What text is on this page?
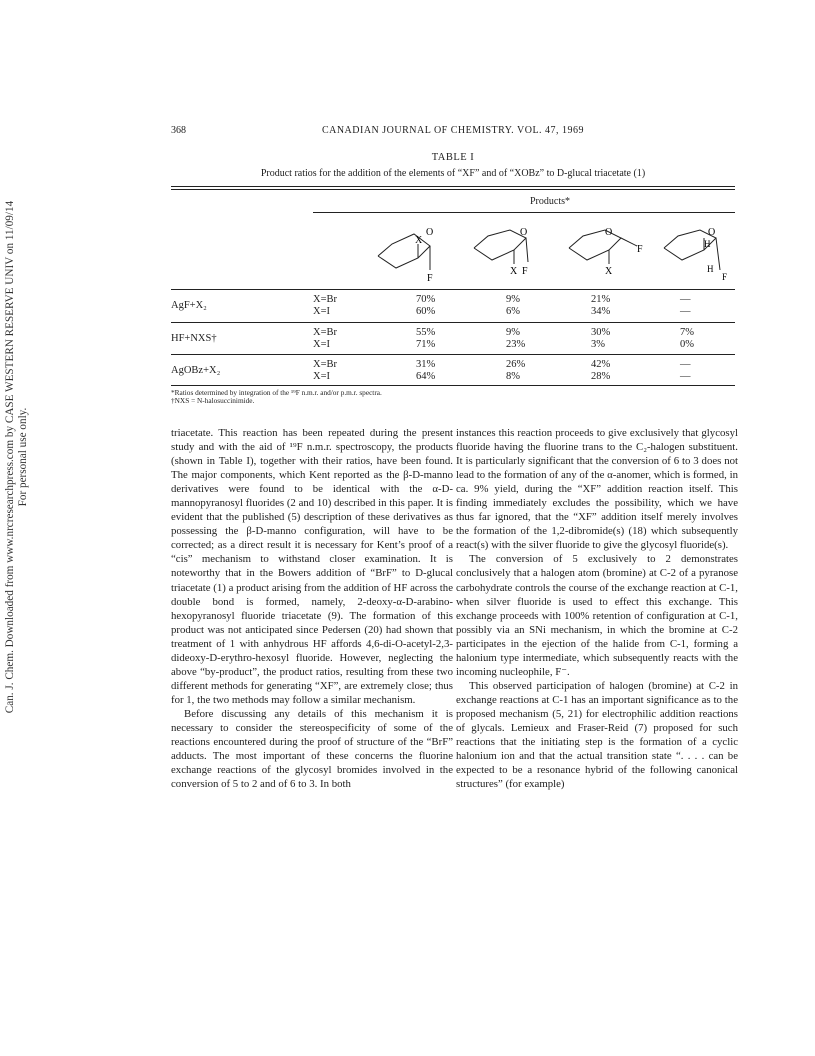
Can. J. Chem. Downloaded from www.nrcresearchpress.com by CASE WESTERN RESERVE UNIV on 11/09/14 For personal use only.
368	CANADIAN JOURNAL OF CHEMISTRY. VOL. 47, 1969
TABLE I
Product ratios for the addition of the elements of “XF” and of “XOBz” to D-glucal triacetate (1)
Products*
O
X
F
O
X F
O
F
X
O
H
H
F
AgF+X₂
X=Br
X=I
70%
60%
9%
6%
21%
34%
—
—
HF+NXS†
X=Br
X=I
55%
71%
9%
23%
30%
3%
7%
0%
AgOBz+X₂
X=Br
X=I
31%
64%
26%
8%
42%
28%
—
—
*Ratios determined by integration of the ¹⁹F n.m.r. and/or p.m.r. spectra.
†NXS = N-halosuccinimide.

triacetate. This reaction has been repeated during the present study and with the aid of ¹⁹F n.m.r. spectroscopy, the products (shown in Table I), together with their ratios, have been found. The major components, which Kent reported as the β-D-manno derivatives were found to be identical with the α-D-mannopyranosyl fluorides (2 and 10) described in this paper. It is evident that the published (5) description of these derivatives as possessing the β-D-manno configuration, will have to be corrected; as a direct result it is necessary for Kent’s proof of a “cis” mechanism to withstand closer examination. It is noteworthy that in the Bowers addition of “BrF” to D-glucal triacetate (1) a product arising from the addition of HF across the double bond is formed, namely, 2-deoxy-α-D-arabino-hexopyranosyl fluoride triacetate (9). The formation of this product was not anticipated since Pedersen (20) had shown that treatment of 1 with anhydrous HF affords 4,6-di-O-acetyl-2,3-dideoxy-D-erythro-hexosyl fluoride. However, neglecting the above “by-product”, the product ratios, resulting from these two different methods for generating “XF”, are extremely close; thus for 1, the two methods may follow a similar mechanism.

Before discussing any details of this mechanism it is necessary to consider the stereospecificity of some of the reactions encountered during the proof of structure of the “BrF” adducts. The most important of these concerns the fluorine exchange reactions of the glycosyl bromides involved in the conversion of 5 to 2 and of 6 to 3. In both

instances this reaction proceeds to give exclusively that glycosyl fluoride having the fluorine trans to the C₂-halogen substituent. It is particularly significant that the conversion of 6 to 3 does not lead to the formation of any of the α-anomer, which is formed, in ca. 9% yield, during the “XF” addition reaction itself. This finding immediately excludes the possibility, which we have thus far ignored, that the “XF” addition itself merely involves the formation of the 1,2-dibromide(s) (18) which subsequently react(s) with the silver fluoride to give the glycosyl fluoride(s).

The conversion of 5 exclusively to 2 demonstrates conclusively that a halogen atom (bromine) at C-2 of a pyranose carbohydrate controls the course of the exchange reaction at C-1, when silver fluoride is used to effect this exchange. This exchange proceeds with 100% retention of configuration at C-1, possibly via an SNi mechanism, in which the bromine at C-2 participates in the ejection of the halide from C-1, forming a halonium type intermediate, which subsequently reacts with the incoming nucleophile, F⁻.

This observed participation of halogen (bromine) at C-2 in exchange reactions at C-1 has an important significance as to the proposed mechanism (5, 21) for electrophilic addition reactions of glycals. Lemieux and Fraser-Reid (7) proposed for such reactions that the initiating step is the formation of a cyclic halonium ion and that the actual transition state “. . . . can be expected to be a resonance hybrid of the following canonical structures” (for example)
